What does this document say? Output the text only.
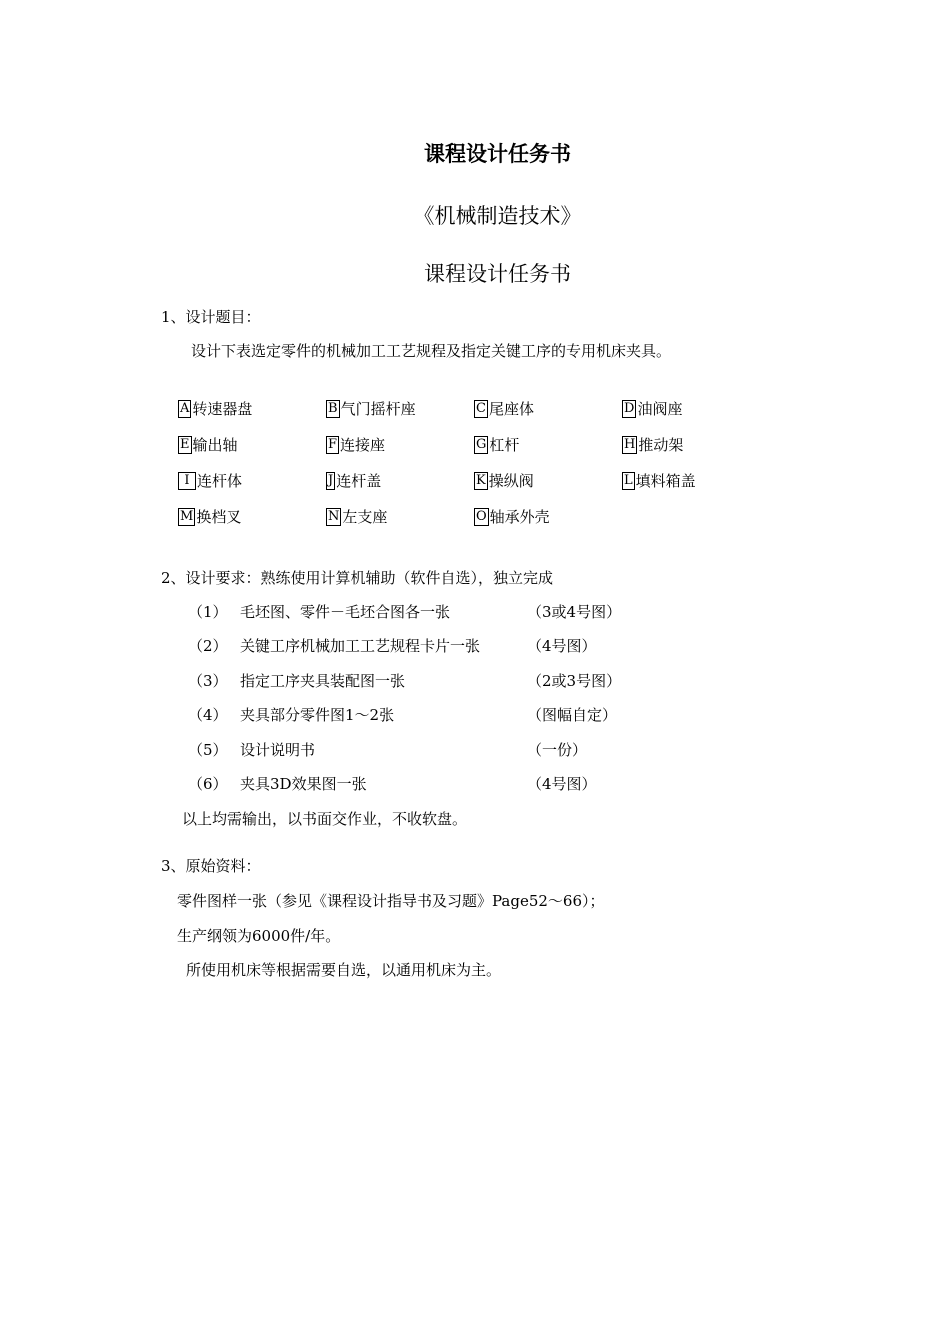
课程设计任务书
《机械制造技术》
课程设计任务书
1、设计题目：
设计下表选定零件的机械加工工艺规程及指定关键工序的专用机床夹具。
A 转速器盘	B 气门摇杆座	C 尾座体	D 油阀座
E 输出轴	F 连接座	G 杠杆	H 推动架
I 连杆体	J 连杆盖	K 操纵阀	L 填料箱盖
M 换档叉	N 左支座	O 轴承外壳
2、设计要求：熟练使用计算机辅助（软件自选），独立完成
（1） 毛坯图、零件－毛坯合图各一张	（3或4号图）
（2） 关键工序机械加工工艺规程卡片一张	（4号图）
（3） 指定工序夹具装配图一张	（2或3号图）
（4） 夹具部分零件图1～2张	（图幅自定）
（5） 设计说明书	（一份）
（6） 夹具3D效果图一张	（4号图）
以上均需输出，以书面交作业，不收软盘。
3、原始资料：
零件图样一张（参见《课程设计指导书及习题》Page52～66）；
生产纲领为6000件/年。
所使用机床等根据需要自选，以通用机床为主。
